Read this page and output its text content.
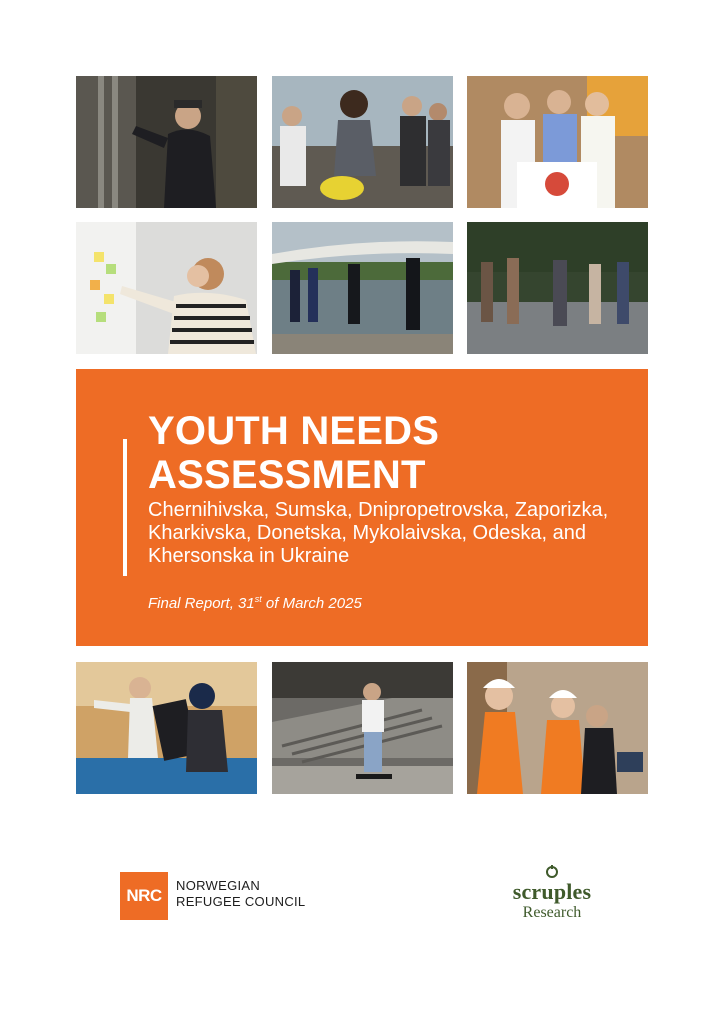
YOUTH NEEDS
ASSESSMENT

Chernihivska, Sumska, Dnipropetrovska, Zaporizka, Kharkivska, Donetska, Mykolaivska, Odeska, and Khersonska in Ukraine

Final Report, 31st of March 2025

NRC
NORWEGIAN
REFUGEE COUNCIL	scruples
Research
